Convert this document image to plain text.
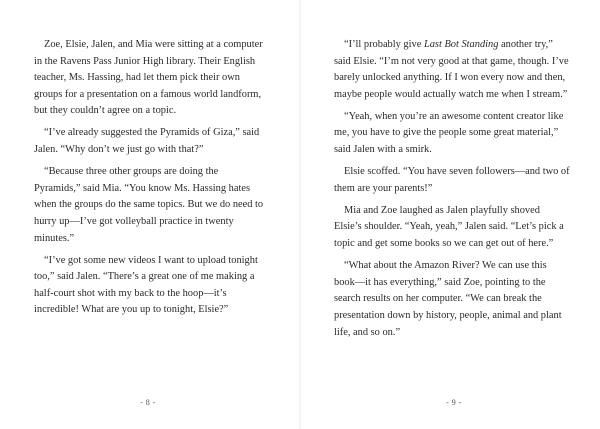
Zoe, Elsie, Jalen, and Mia were sitting at a computer in the Ravens Pass Junior High library. Their English teacher, Ms. Hassing, had let them pick their own groups for a presentation on a famous world landform, but they couldn’t agree on a topic.

“I’ve already suggested the Pyramids of Giza,” said Jalen. “Why don’t we just go with that?”

“Because three other groups are doing the Pyramids,” said Mia. “You know Ms. Hassing hates when the groups do the same topics. But we do need to hurry up—I’ve got volleyball practice in twenty minutes.”

“I’ve got some new videos I want to upload tonight too,” said Jalen. “There’s a great one of me making a half-court shot with my back to the hoop—it’s incredible! What are you up to tonight, Elsie?”

- 8 -

“I’ll probably give Last Bot Standing another try,” said Elsie. “I’m not very good at that game, though. I’ve barely unlocked anything. If I won every now and then, maybe people would actually watch me when I stream.”

“Yeah, when you’re an awesome content creator like me, you have to give the people some great material,” said Jalen with a smirk.

Elsie scoffed. “You have seven followers—and two of them are your parents!”

Mia and Zoe laughed as Jalen playfully shoved Elsie’s shoulder. “Yeah, yeah,” Jalen said. “Let’s pick a topic and get some books so we can get out of here.”

“What about the Amazon River? We can use this book—it has everything,” said Zoe, pointing to the search results on her computer. “We can break the presentation down by history, people, animal and plant life, and so on.”

- 9 -
